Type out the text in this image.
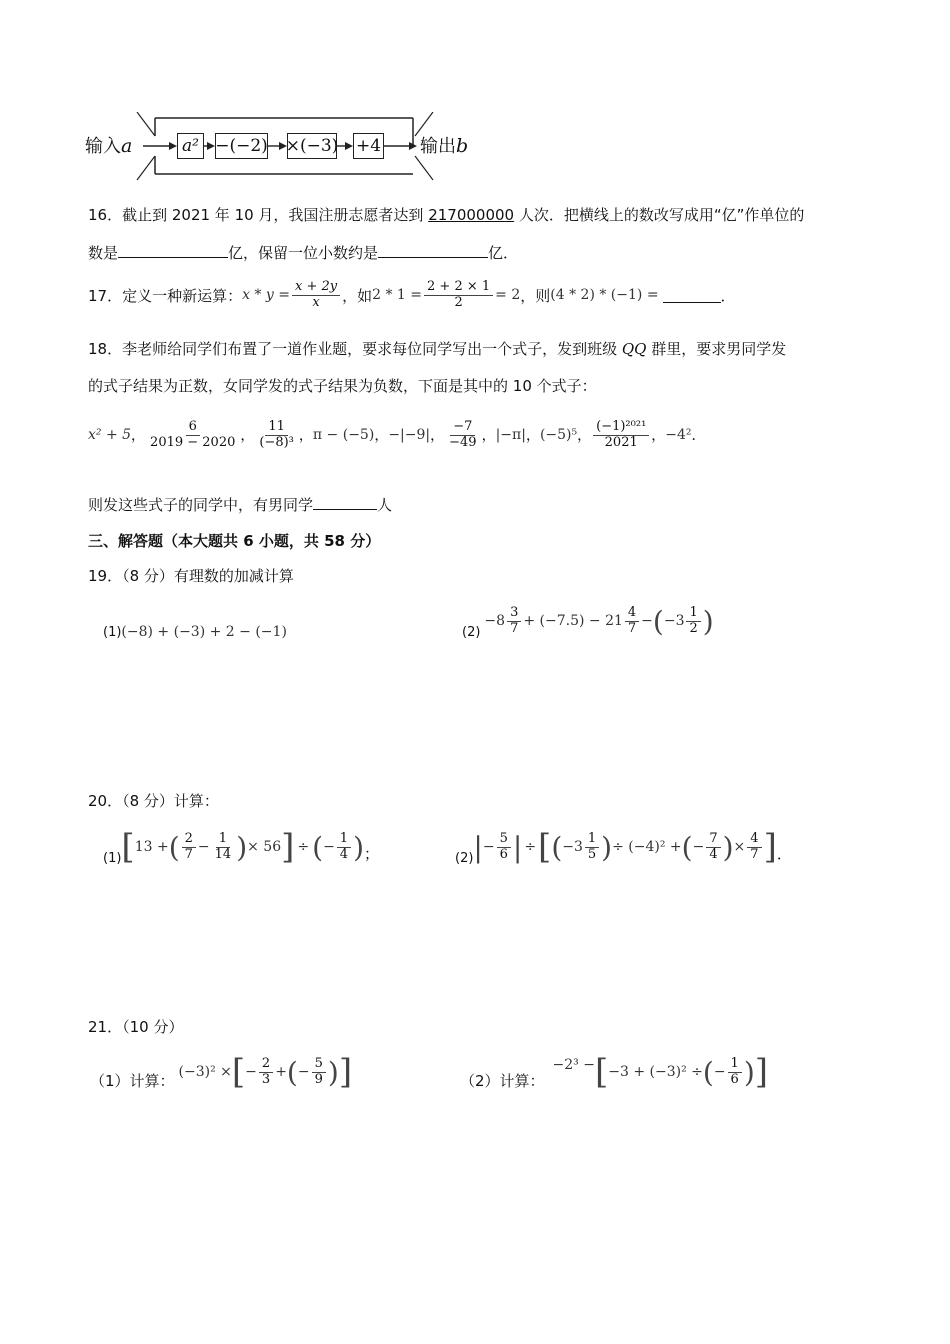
输入a	a² −(−2) ×(−3) +4 输出b
16．截止到 2021 年 10 月，我国注册志愿者达到 217000000 人次．把横线上的数改写成用“亿”作单位的
数是	亿，保留一位小数约是	亿．
17．定义一种新运算： $x * y = \frac{x + 2y}{x}$ ，如 $2 * 1 = \frac{2 + 2 \times 1}{2} = 2$ ，则 (4 * 2) * (−1) =	．
18．李老师给同学们布置了一道作业题，要求每位同学写出一个式子，发到班级 QQ 群里，要求男同学发
的式子结果为正数，女同学发的式子结果为负数，下面是其中的 10 个式子：
x² + 5 ， $\frac{6}{2019 - 2020}$ ， $\frac{11}{\text{(−8)³}}$ ， π − (−5) ， −|−9| ， $\frac{-7}{-49}$ ， |−π| ， (−5)⁵ ， $\frac{\text{(−1)²⁰²¹}}{2021}$ ， −4² ．
则发这些式子的同学中，有男同学	人
三、解答题（本大题共 6 小题，共 58 分）
19．（8 分）有理数的加减计算
(1) (−8) + (−3) + 2 − (−1)	(2)
$-8 \frac{3}{7} + (-7.5) - 21 \frac{4}{7}$ − ( $-3 \frac{1}{2}$ )
20．（8 分）计算：
(1) [ 13 + ( $\frac{2}{7} - \frac{1}{14}$ ) × 56 ] ÷ ( − $\frac{1}{4}$ ) ；	(2) | − $\frac{5}{6}$ | ÷ [ ( $-3 \frac{1}{5}$ ) ÷ (−4)² + ( − $\frac{7}{4}$ ) × $\frac{4}{7}$ ] ．
21．（10 分）
（1）计算： (−3)² × [ − $\frac{2}{3}$ + ( − $\frac{5}{9}$ ) ]	（2）计算：
−2³ − [ −3 + (−3)² ÷ ( − $\frac{1}{6}$ ) ]
